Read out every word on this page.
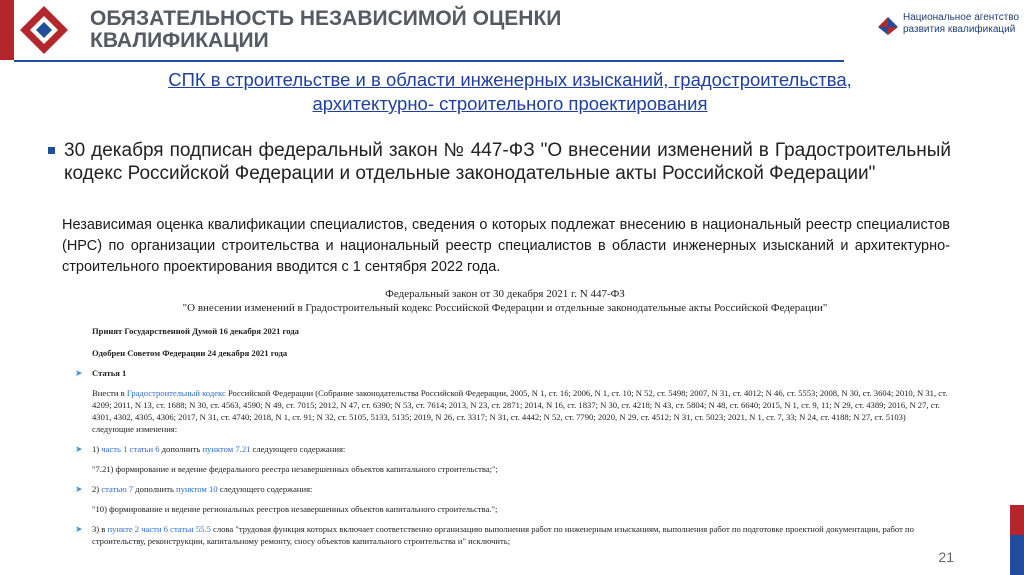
ОБЯЗАТЕЛЬНОСТЬ НЕЗАВИСИМОЙ ОЦЕНКИ
КВАЛИФИКАЦИИ
Национальное агентство
развития квалификаций
СПК в строительстве и в области инженерных изысканий, градостроительства,
архитектурно- строительного проектирования
30 декабря подписан федеральный закон № 447-ФЗ "О внесении изменений в Градостроительный кодекс Российской Федерации и отдельные законодательные акты Российской Федерации"
Независимая оценка квалификации специалистов, сведения о которых подлежат внесению в национальный реестр специалистов (НРС) по организации строительства и национальный реестр специалистов в области инженерных изысканий и архитектурно-строительного проектирования вводится с 1 сентября 2022 года.
Федеральный закон от 30 декабря 2021 г. N 447-ФЗ
"О внесении изменений в Градостроительный кодекс Российской Федерации и отдельные законодательные акты Российской Федерации"
Принят Государственной Думой 16 декабря 2021 года
Одобрен Советом Федерации 24 декабря 2021 года
➤ Статья 1
Внести в Градостроительный кодекс Российской Федерации (Собрание законодательства Российской Федерации, 2005, N 1, ст. 16; 2006, N 1, ст. 10; N 52, ст. 5498; 2007, N 31, ст. 4012; N 46, ст. 5553; 2008, N 30, ст. 3604; 2010, N 31, ст. 4209; 2011, N 13, ст. 1688; N 30, ст. 4563, 4590; N 49, ст. 7015; 2012, N 47, ст. 6390; N 53, ст. 7614; 2013, N 23, ст. 2871; 2014, N 16, ст. 1837; N 30, ст. 4218; N 43, ст. 5804; N 48, ст. 6640; 2015, N 1, ст. 9, 11; N 29, ст. 4389; 2016, N 27, ст. 4301, 4302, 4305, 4306; 2017, N 31, ст. 4740; 2018, N 1, ст. 91; N 32, ст. 5105, 5133, 5135; 2019, N 26, ст. 3317; N 31, ст. 4442; N 52, ст. 7790; 2020, N 29, ст. 4512; N 31, ст. 5023; 2021, N 1, ст. 7, 33; N 24, ст. 4188; N 27, ст. 5103) следующие изменения:
➤ 1) часть 1 статьи 6 дополнить пунктом 7.21 следующего содержания:
"7.21) формирование и ведение федерального реестра незавершенных объектов капитального строительства;";
➤ 2) статью 7 дополнить пунктом 10 следующего содержания:
"10) формирование и ведение региональных реестров незавершенных объектов капитального строительства.";
➤ 3) в пункте 2 части 6 статьи 55.5 слова "трудовая функция которых включает соответственно организацию выполнения работ по инженерным изысканиям, выполнения работ по подготовке проектной документации, работ по строительству, реконструкции, капитальному ремонту, сносу объектов капитального строительства и" исключить;
21
